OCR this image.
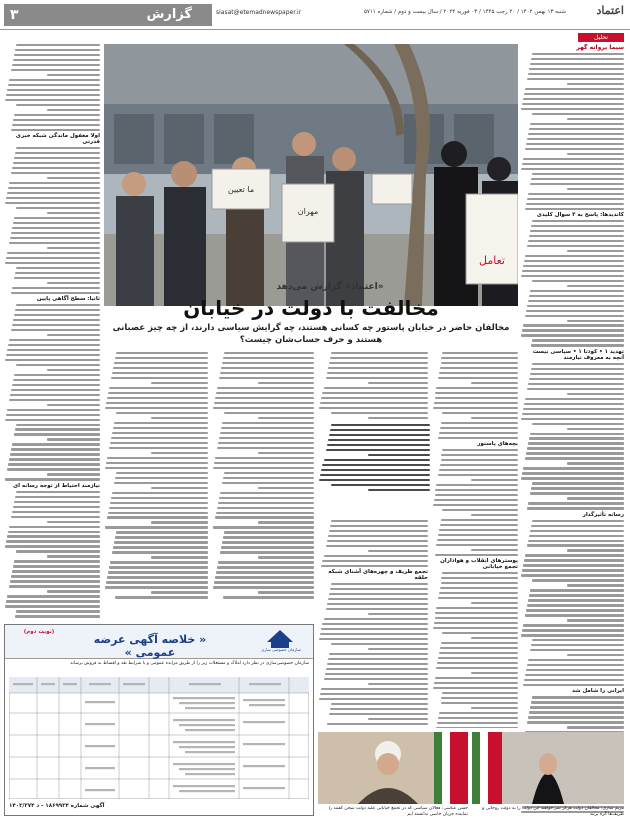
۳	گزارش	siasat@etemadnewspaper.ir	شنبه ۱۳ بهمن ۱۴۰۲ / ۲۰ رجب ۱۴۴۵ / ۰۳ فوریه ۲۰۲۴ / سال بیست و دوم / شماره ۵۷۱۱	اعتماد
تحلیل
سیما پروانه گهر
کاندیدها: پاسخ به ۳ سوال کلیدی
تهدید ۱ • کودتا ۱ • سیاسی نیست آنچه به معروف نیازمند
رسانه تأثیرگذار
ایرانی را شامل شد
اولا مغفول ماندگی شبکه خبری قدرتی
ثانیا: سطح آگاهی پایین
نیازمند احتیاط از توجه رسانه ای
ما تعیین
مهران
تعامل
«اعتماد» گزارش می‌دهد
مخالفت با دولت در خیابان
مخالفان حاضر در خیابان پاستور چه کسانی هستند، چه گرایش سیاسی دارند، از چه چیز عصبانی هستند و حرف حساب‌شان چیست؟
بچه‌های پاستور
پوسترهای انقلاب و هواداران تجمع خیابانی
تجمع ظریف و چهره‌های آشنای شبکه حلقه
(نوبت دوم)
« خلاصه آگهی عرضه عمومی »	سازمان خصوصی سازی
سازمان خصوصی‌سازی در نظر دارد املاک و مستغلات زیر را از طریق مزایده عمومی و با شرایط نقد و اقساط به فروش برساند
آگهی شماره ۱۸۶۹۹۳۴ - د ۱۴۰۲/۳۷۴	حسن عباسی: فعالان سیاسی که در تجمع خیابانی علیه دولت سخن گفتند را نماینده جریان خاصی ندانسته ایم
مریم نمازی: مخالفان دولت هرگز نمی‌خواهند این دولت را به دولت روحانی و ظریف‌ها گره بزنند
